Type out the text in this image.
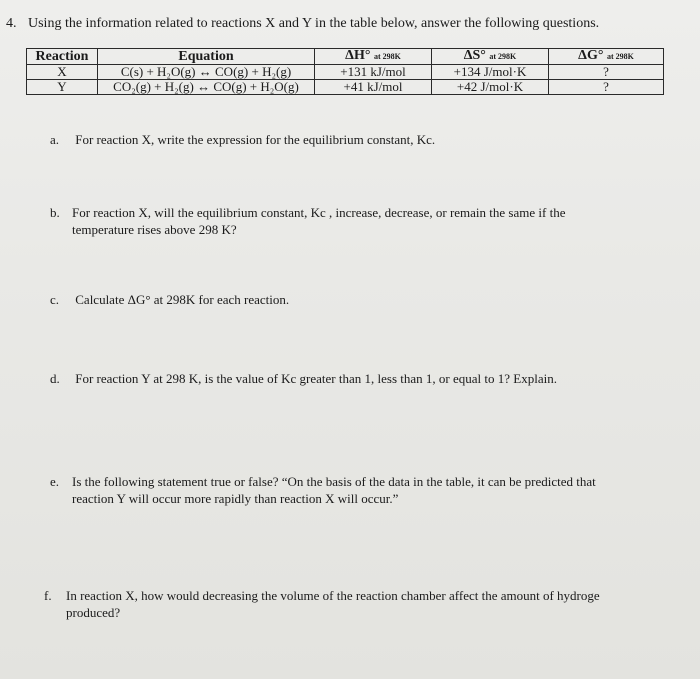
4. Using the information related to reactions X and Y in the table below, answer the following questions.
Reaction	Equation	ΔH° at 298K	ΔS° at 298K	ΔG° at 298K
X	C(s) + H₂O(g) ↔ CO(g) + H₂(g)	+131 kJ/mol	+134 J/mol·K	?
Y	CO₂(g) + H₂(g) ↔ CO(g) + H₂O(g)	+41 kJ/mol	+42 J/mol·K	?
a. For reaction X, write the expression for the equilibrium constant, Kc.
b. For reaction X, will the equilibrium constant, Kc , increase, decrease, or remain the same if the
temperature rises above 298 K?
c. Calculate ΔG° at 298K for each reaction.
d. For reaction Y at 298 K, is the value of Kc greater than 1, less than 1, or equal to 1? Explain.
e. Is the following statement true or false? “On the basis of the data in the table, it can be predicted that
reaction Y will occur more rapidly than reaction X will occur.”
f. In reaction X, how would decreasing the volume of the reaction chamber affect the amount of hydroge
produced?
